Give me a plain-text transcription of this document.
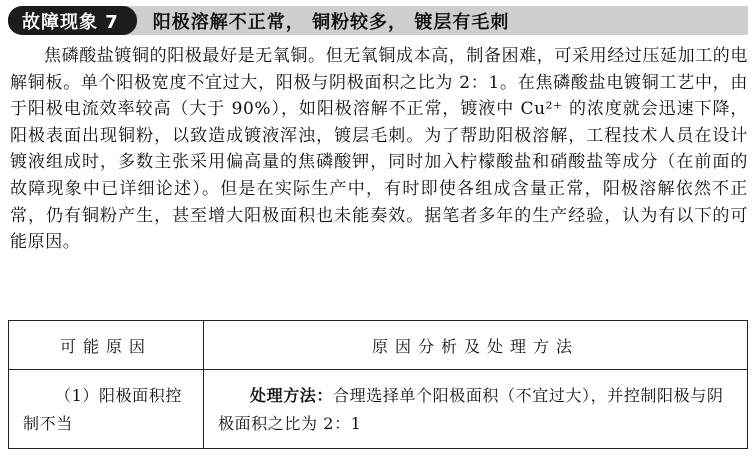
故障现象 7	阳极溶解不正常， 铜粉较多， 镀层有毛刺

焦磷酸盐镀铜的阳极最好是无氧铜。但无氧铜成本高，制备困难，可采用经过压延加工的电解铜板。单个阳极宽度不宜过大，阳极与阴极面积之比为 2：1。在焦磷酸盐电镀铜工艺中，由于阳极电流效率较高（大于 90%），如阳极溶解不正常，镀液中 Cu²⁺ 的浓度就会迅速下降，阳极表面出现铜粉，以致造成镀液浑浊，镀层毛刺。为了帮助阳极溶解，工程技术人员在设计镀液组成时，多数主张采用偏高量的焦磷酸钾，同时加入柠檬酸盐和硝酸盐等成分（在前面的故障现象中已详细论述）。但是在实际生产中，有时即使各组成含量正常，阳极溶解依然不正常，仍有铜粉产生，甚至增大阳极面积也未能奏效。据笔者多年的生产经验，认为有以下的可能原因。

可能原因	原因分析及处理方法
（1）阳极面积控制不当	处理方法：合理选择单个阳极面积（不宜过大），并控制阳极与阴极面积之比为 2：1
